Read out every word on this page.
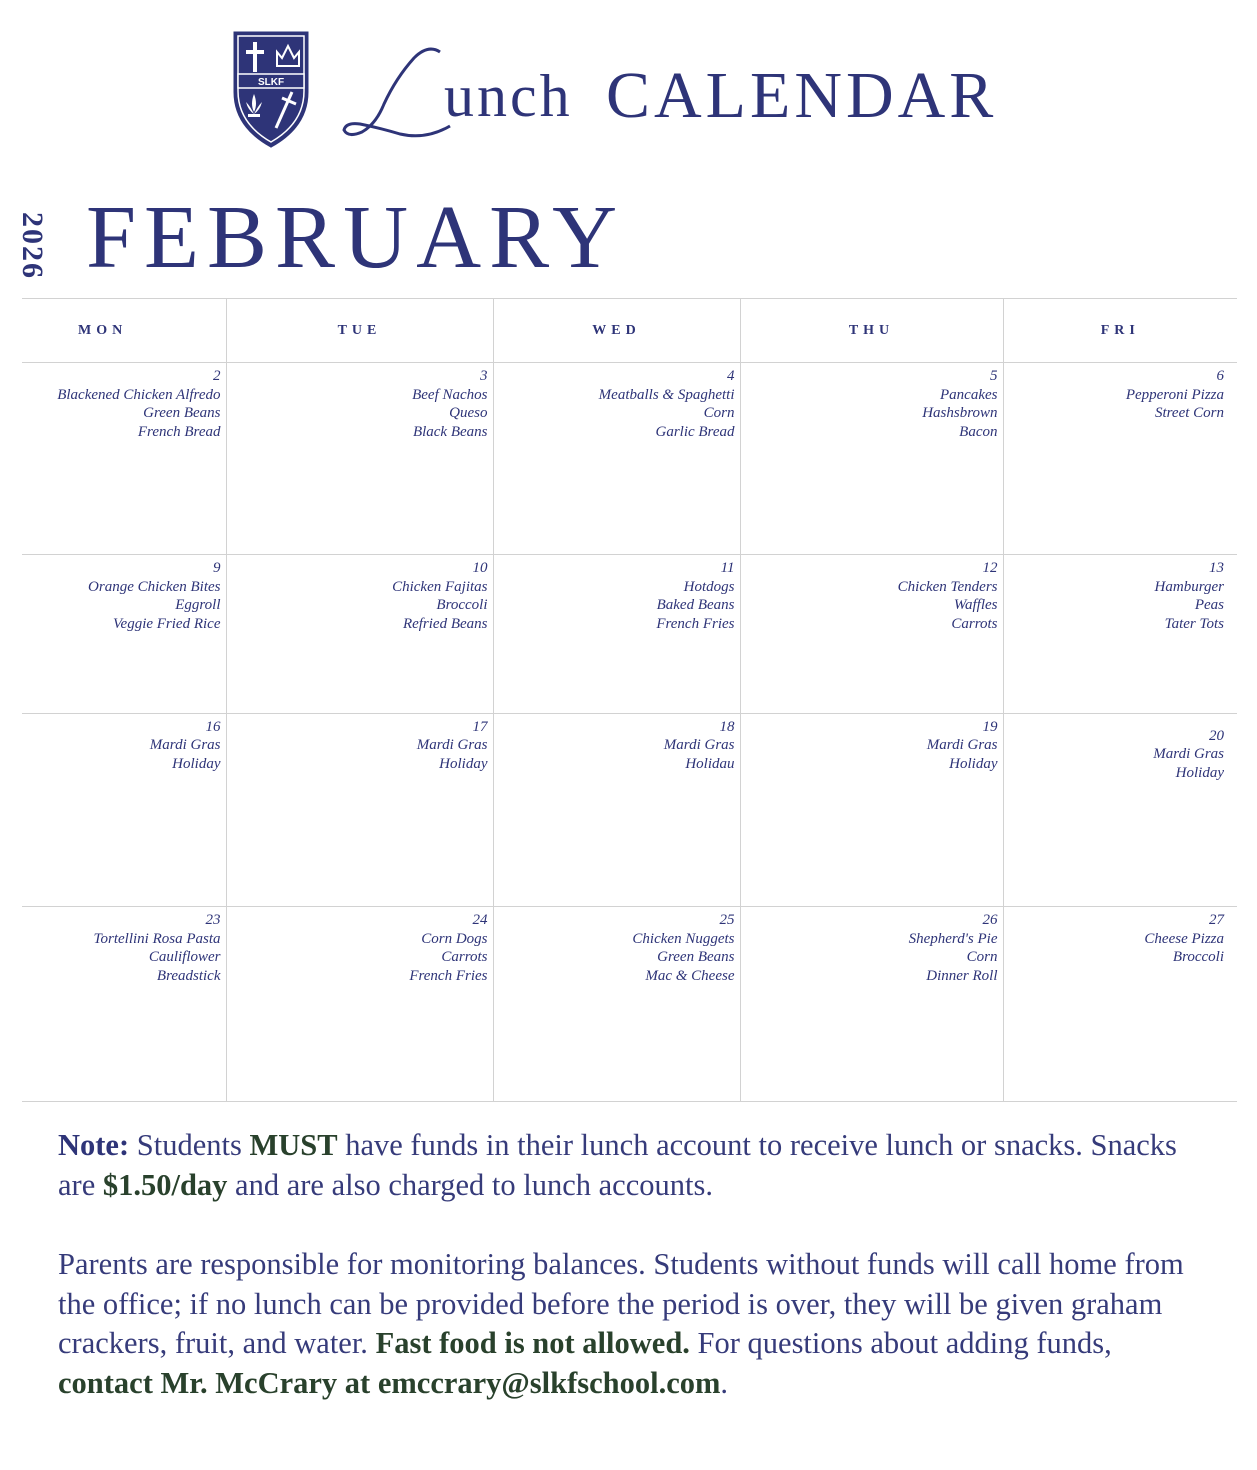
SLKF
L
unch CALENDAR
2026 FEBRUARY
MON	TUE	WED	THU	FRI

2
Blackened Chicken Alfredo
Green Beans
French Bread	3
Beef Nachos
Queso
Black Beans	4
Meatballs & Spaghetti
Corn
Garlic Bread	5
Pancakes
Hashsbrown
Bacon	6
Pepperoni Pizza
Street Corn

9
Orange Chicken Bites
Eggroll
Veggie Fried Rice	10
Chicken Fajitas
Broccoli
Refried Beans	11
Hotdogs
Baked Beans
French Fries	12
Chicken Tenders
Waffles
Carrots	13
Hamburger
Peas
Tater Tots

16
Mardi Gras
Holiday	17
Mardi Gras
Holiday	18
Mardi Gras
Holidau	19
Mardi Gras
Holiday	20
Mardi Gras
Holiday

23
Tortellini Rosa Pasta
Cauliflower
Breadstick	24
Corn Dogs
Carrots
French Fries	25
Chicken Nuggets
Green Beans
Mac & Cheese	26
Shepherd's Pie
Corn
Dinner Roll	27
Cheese Pizza
Broccoli

Note: Students MUST have funds in their lunch account to receive lunch or snacks. Snacks are $1.50/day and are also charged to lunch accounts.

Parents are responsible for monitoring balances. Students without funds will call home from the office; if no lunch can be provided before the period is over, they will be given graham crackers, fruit, and water. Fast food is not allowed. For questions about adding funds, contact Mr. McCrary at emccrary@slkfschool.com.
